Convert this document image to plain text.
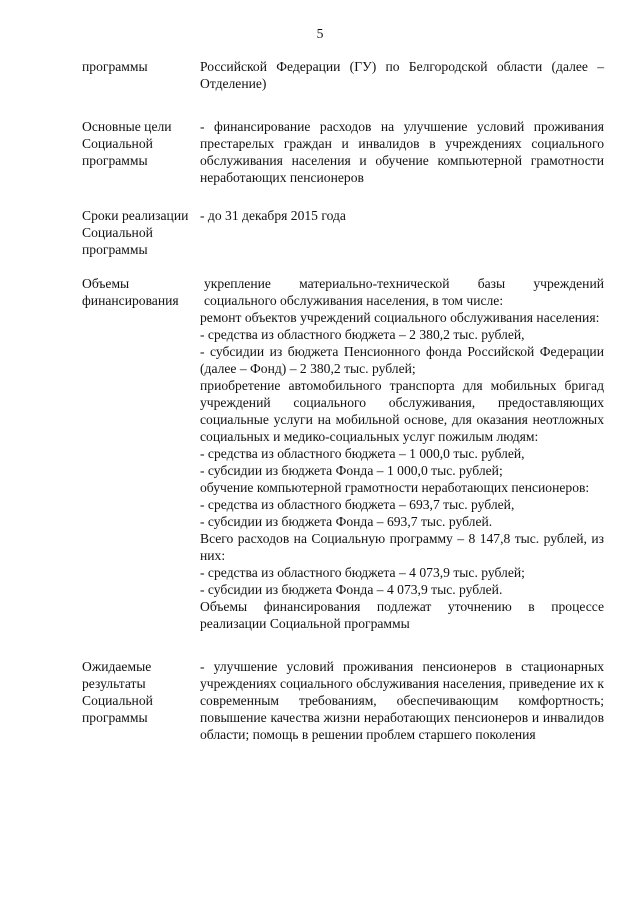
5
программы	Российской Федерации (ГУ) по Белгородской области (далее – Отделение)

Основные цели Социальной программы

- финансирование расходов на улучшение условий проживания престарелых граждан и инвалидов в учреждениях социального обслуживания населения и обучение компьютерной грамотности неработающих пенсионеров

Сроки реализации Социальной программы

- до 31 декабря 2015 года

Объемы финансирования

укрепление материально-технической базы учреждений социального обслуживания населения, в том числе:

ремонт объектов учреждений социального обслуживания населения:

- средства из областного бюджета – 2 380,2 тыс. рублей,

- субсидии из бюджета Пенсионного фонда Российской Федерации (далее – Фонд) – 2 380,2 тыс. рублей;

приобретение автомобильного транспорта для мобильных бригад учреждений социального обслуживания, предоставляющих социальные услуги на мобильной основе, для оказания неотложных социальных и медико-социальных услуг пожилым людям:

- средства из областного бюджета – 1 000,0 тыс. рублей,

- субсидии из бюджета Фонда – 1 000,0 тыс. рублей;

обучение компьютерной грамотности неработающих пенсионеров:

- средства из областного бюджета – 693,7 тыс. рублей,

- субсидии из бюджета Фонда – 693,7 тыс. рублей.

Всего расходов на Социальную программу – 8 147,8 тыс. рублей, из них:

- средства из областного бюджета – 4 073,9 тыс. рублей;

- субсидии из бюджета Фонда – 4 073,9 тыс. рублей.

Объемы финансирования подлежат уточнению в процессе реализации Социальной программы

Ожидаемые результаты Социальной программы

- улучшение условий проживания пенсионеров в стационарных учреждениях социального обслуживания населения, приведение их к современным требованиям, обеспечивающим комфортность; повышение качества жизни неработающих пенсионеров и инвалидов области; помощь в решении проблем старшего поколения
